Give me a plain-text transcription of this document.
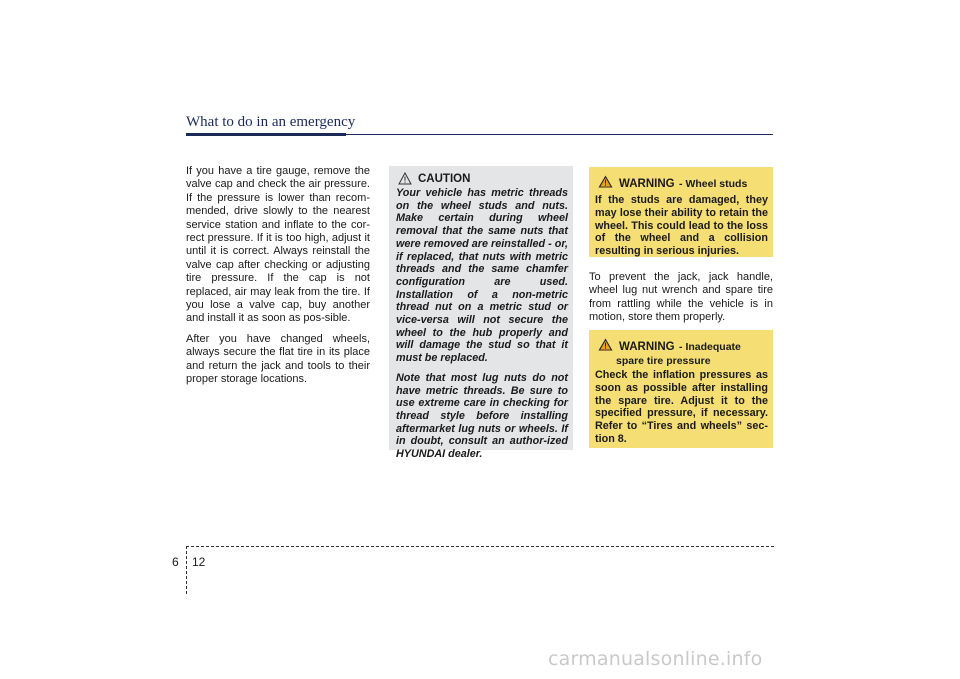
What to do in an emergency

If you have a tire gauge, remove the valve cap and check the air pressure. If the pressure is lower than recom-mended, drive slowly to the nearest service station and inflate to the cor-rect pressure. If it is too high, adjust it until it is correct. Always reinstall the valve cap after checking or adjusting tire pressure. If the cap is not replaced, air may leak from the tire. If you lose a valve cap, buy another and install it as soon as pos-sible.

After you have changed wheels, always secure the flat tire in its place and return the jack and tools to their proper storage locations.

CAUTION

Your vehicle has metric threads on the wheel studs and nuts. Make certain during wheel removal that the same nuts that were removed are reinstalled - or, if replaced, that nuts with metric threads and the same chamfer configuration are used. Installation of a non-metric thread nut on a metric stud or vice-versa will not secure the wheel to the hub properly and will damage the stud so that it must be replaced.

Note that most lug nuts do not have metric threads. Be sure to use extreme care in checking for thread style before installing aftermarket lug nuts or wheels. If in doubt, consult an author-ized HYUNDAI dealer.

WARNING - Wheel studs

If the studs are damaged, they may lose their ability to retain the wheel. This could lead to the loss of the wheel and a collision resulting in serious injuries.

To prevent the jack, jack handle, wheel lug nut wrench and spare tire from rattling while the vehicle is in motion, store them properly.

WARNING - Inadequate
spare tire pressure

Check the inflation pressures as soon as possible after installing the spare tire. Adjust it to the specified pressure, if necessary. Refer to “Tires and wheels” sec-tion 8.

6 12
carmanualsonline.info
